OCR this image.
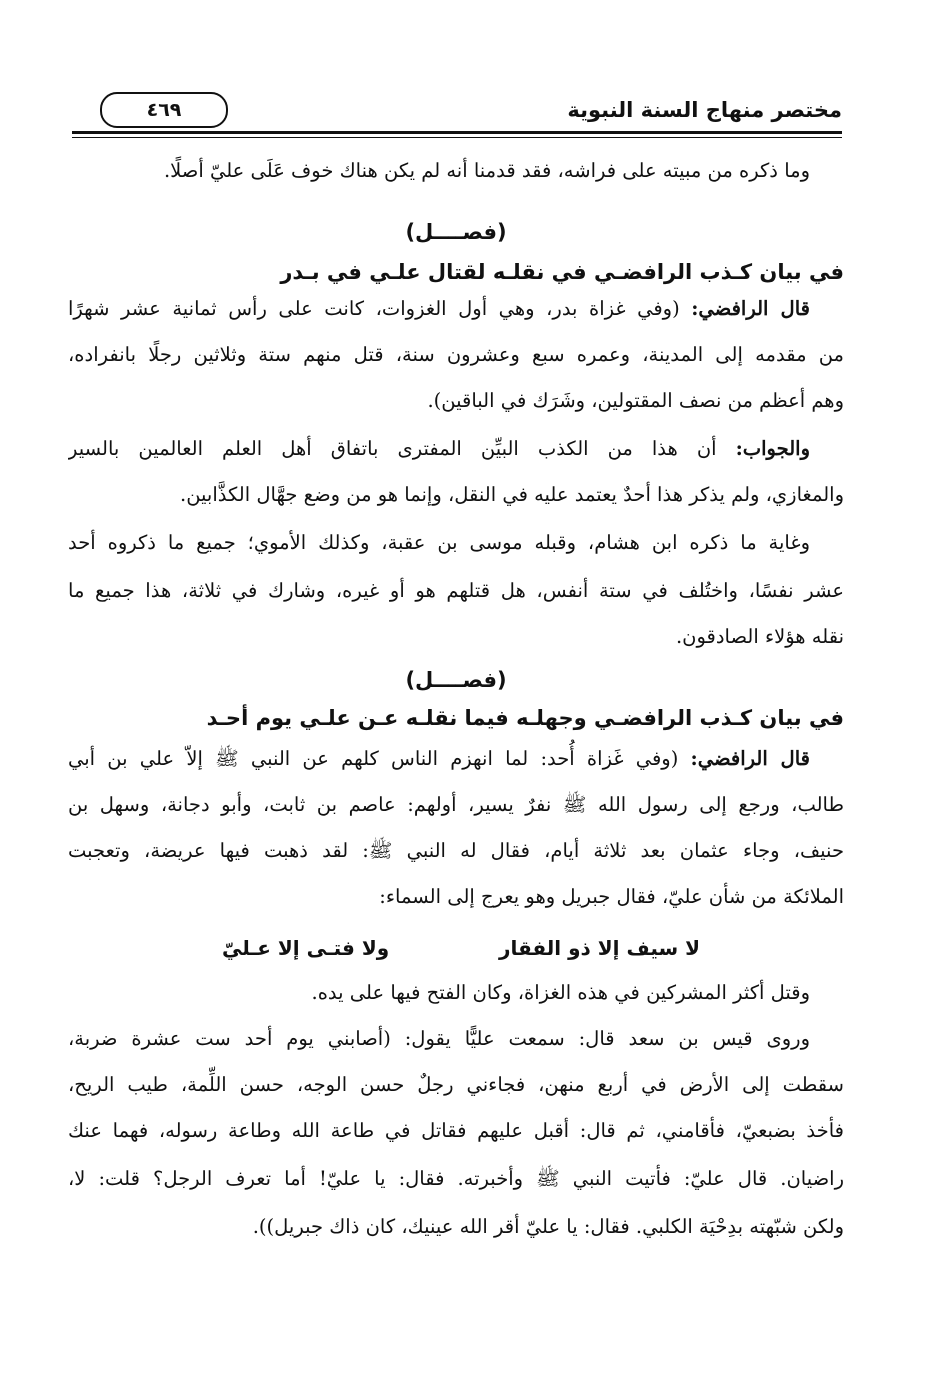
مختصر منهاج السنة النبوية
٤٦٩
وما ذكره من مبيته على فراشه، فقد قدمنا أنه لم يكن هناك خوف عَلَى عليّ أصلًا.
(فصــــل)
في بيان كـذب الرافضـي في نقلـه لقتال علـي في بـدر
قال الرافضي: (وفي غزاة بدر، وهي أول الغزوات، كانت على رأس ثمانية عشر شهرًا
من مقدمه إلى المدينة، وعمره سبع وعشرون سنة، قتل منهم ستة وثلاثين رجلًا بانفراده،
وهم أعظم من نصف المقتولين، وشَرَك في الباقين).
والجواب: أن هذا من الكذب البيِّن المفترى باتفاق أهل العلم العالمين بالسير
والمغازي، ولم يذكر هذا أحدٌ يعتمد عليه في النقل، وإنما هو من وضع جهَّال الكذَّابين.
وغاية ما ذكره ابن هشام، وقبله موسى بن عقبة، وكذلك الأموي؛ جميع ما ذكروه أحد
عشر نفسًا، واختُلف في ستة أنفس، هل قتلهم هو أو غيره، وشارك في ثلاثة، هذا جميع ما
نقله هؤلاء الصادقون.
(فصــــل)
في بيان كـذب الرافضـي وجهلـه فيما نقلـه عـن علـي يوم أحـد
قال الرافضي: (وفي غَزاة أُحد: لما انهزم الناس كلهم عن النبي ﷺ إلاّ علي بن أبي
طالب، ورجع إلى رسول الله ﷺ نفرٌ يسير، أولهم: عاصم بن ثابت، وأبو دجانة، وسهل بن
حنيف، وجاء عثمان بعد ثلاثة أيام، فقال له النبي ﷺ: لقد ذهبت فيها عريضة، وتعجبت
الملائكة من شأن عليّ، فقال جبريل وهو يعرج إلى السماء:
لا سيف إلا ذو الفقار
ولا فتـى إلا عـليّ
وقتل أكثر المشركين في هذه الغزاة، وكان الفتح فيها على يده.
وروى قيس بن سعد قال: سمعت عليًّا يقول: (أصابني يوم أحد ست عشرة ضربة،
سقطت إلى الأرض في أربع منهن، فجاءني رجلٌ حسن الوجه، حسن اللِّمة، طيب الريح،
فأخذ بضبعيّ، فأقامني، ثم قال: أقبل عليهم فقاتل في طاعة الله وطاعة رسوله، فهما عنك
راضيان. قال عليّ: فأتيت النبي ﷺ وأخبرته. فقال: يا عليّ! أما تعرف الرجل؟ قلت: لا،
ولكن شبّهته بدِحْيَة الكلبي. فقال: يا عليّ أقر الله عينيك، كان ذاك جبريل)).
